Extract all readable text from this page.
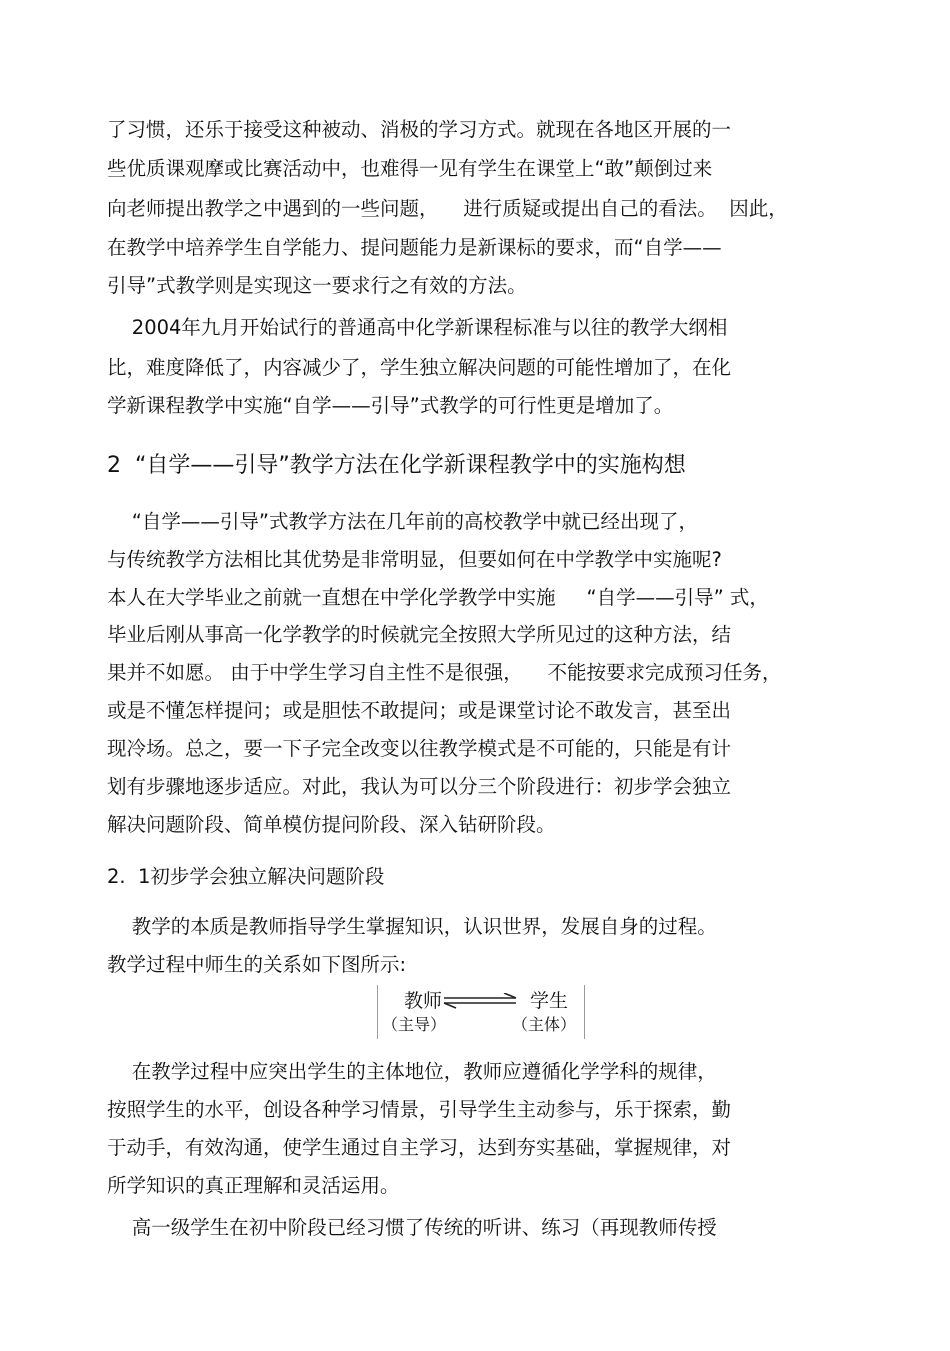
了习惯，还乐于接受这种被动、消极的学习方式。就现在各地区开展的一
些优质课观摩或比赛活动中，也难得一见有学生在课堂上“敢”颠倒过来
向老师提出教学之中遇到的一些问题，    进行质疑或提出自己的看法。  因此，
在教学中培养学生自学能力、提问题能力是新课标的要求，而“自学——
引导”式教学则是实现这一要求行之有效的方法。
2004年九月开始试行的普通高中化学新课程标准与以往的教学大纲相
比，难度降低了，内容减少了，学生独立解决问题的可能性增加了，在化
学新课程教学中实施“自学——引导”式教学的可行性更是增加了。
2  “自学——引导”教学方法在化学新课程教学中的实施构想
“自学——引导”式教学方法在几年前的高校教学中就已经出现了，
与传统教学方法相比其优势是非常明显，但要如何在中学教学中实施呢?
本人在大学毕业之前就一直想在中学化学教学中实施     “自学——引导” 式，
毕业后刚从事高一化学教学的时候就完全按照大学所见过的这种方法，结
果并不如愿。 由于中学生学习自主性不是很强，    不能按要求完成预习任务，
或是不懂怎样提问；或是胆怯不敢提问；或是课堂讨论不敢发言，甚至出
现冷场。总之，要一下子完全改变以往教学模式是不可能的，只能是有计
划有步骤地逐步适应。对此，我认为可以分三个阶段进行：初步学会独立
解决问题阶段、简单模仿提问阶段、深入钻研阶段。
2.  1初步学会独立解决问题阶段
教学的本质是教师指导学生掌握知识，认识世界，发展自身的过程。
教学过程中师生的关系如下图所示:
教师
（主导）
学生
（主体）
在教学过程中应突出学生的主体地位，教师应遵循化学学科的规律，
按照学生的水平，创设各种学习情景，引导学生主动参与，乐于探索，勤
于动手，有效沟通，使学生通过自主学习，达到夯实基础，掌握规律，对
所学知识的真正理解和灵活运用。
高一级学生在初中阶段已经习惯了传统的听讲、练习（再现教师传授
